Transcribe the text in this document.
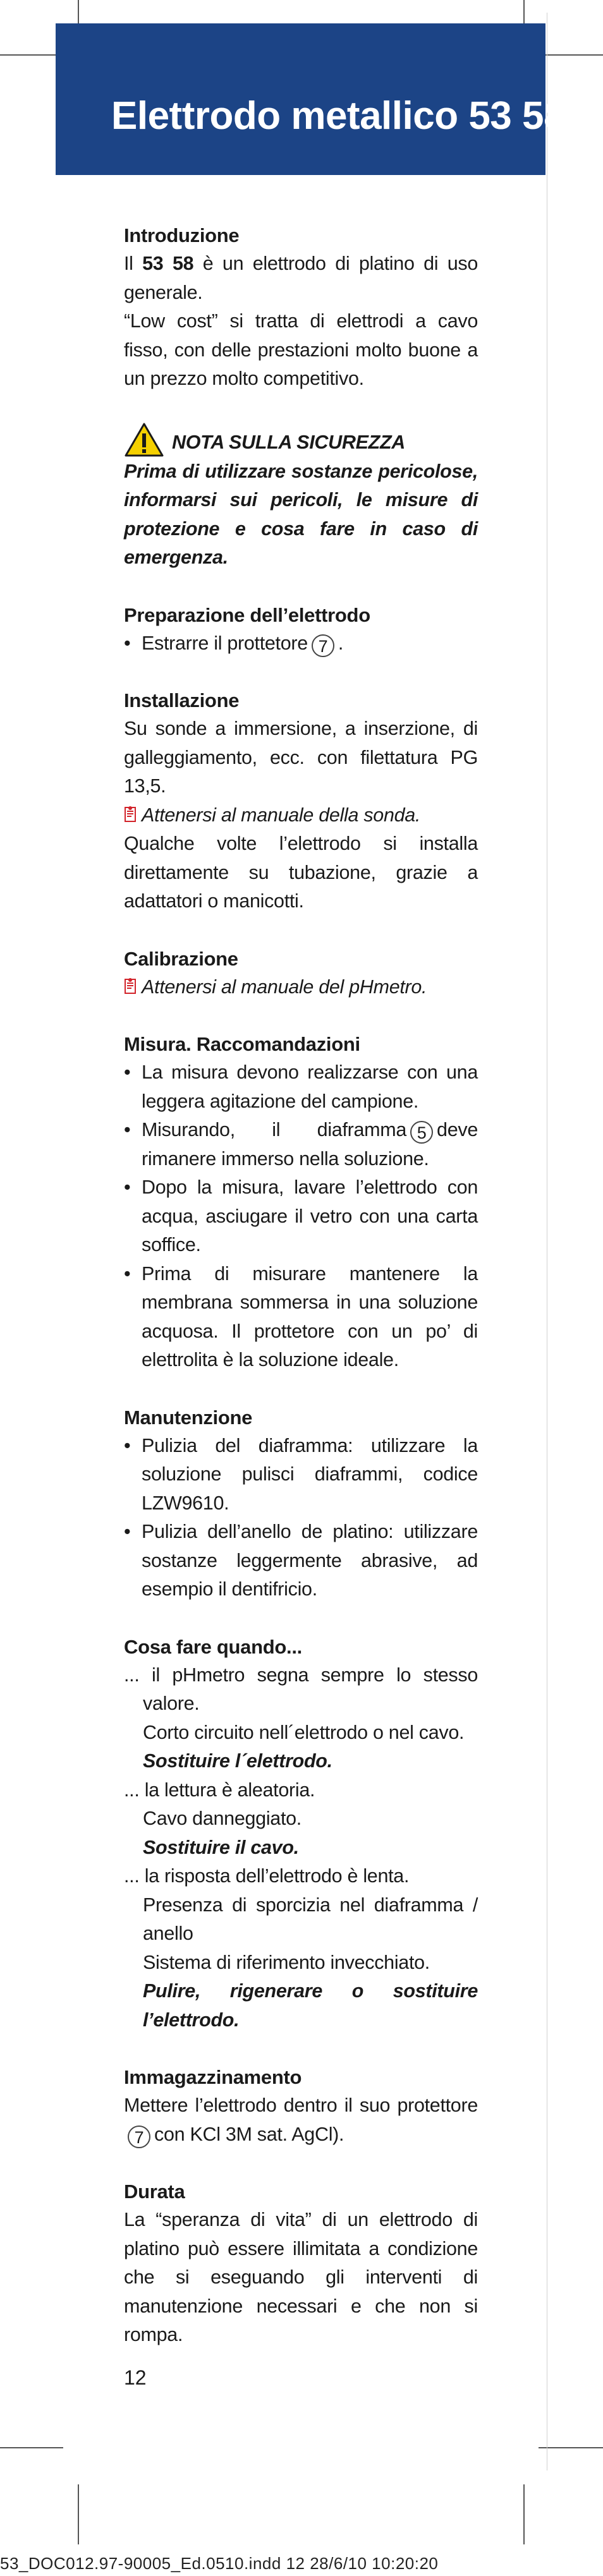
Elettrodo metallico 53 58
Introduzione
Il 53 58 è un elettrodo di platino di uso generale.
“Low cost” si tratta di elettrodi a cavo fisso, con delle prestazioni molto buone a un prezzo molto competitivo.
NOTA SULLA SICUREZZA
Prima di utilizzare sostanze pericolose, informarsi sui pericoli, le misure di protezione e cosa fare in caso di emergenza.
Preparazione dell’elettrodo
• Estrarre il prottetore 7 .
Installazione
Su sonde a immersione, a inserzione, di galleggiamento, ecc. con filettatura PG 13,5.
Attenersi al manuale della sonda.
Qualche volte l’elettrodo si installa direttamente su tubazione, grazie a adattatori o manicotti.
Calibrazione
Attenersi al manuale del pHmetro.
Misura. Raccomandazioni
• La misura devono realizzarse con una leggera agitazione del campione.
• Misurando, il diaframma 5 deve rimanere immerso nella soluzione.
• Dopo la misura, lavare l’elettrodo con acqua, asciugare il vetro con una carta soffice.
• Prima di misurare mantenere la membrana sommersa in una soluzione acquosa. Il prottetore con un po’ di elettrolita è la soluzione ideale.
Manutenzione
• Pulizia del diaframma: utilizzare la soluzione pulisci diaframmi, codice LZW9610.
• Pulizia dell’anello de platino: utilizzare sostanze leggermente abrasive, ad esempio il dentifricio.
Cosa fare quando...
... il pHmetro segna sempre lo stesso valore.
Corto circuito nell´elettrodo o nel cavo.
Sostituire l´elettrodo.
... la lettura è aleatoria.
Cavo danneggiato.
Sostituire il cavo.
... la risposta dell’elettrodo è lenta.
Presenza di sporcizia nel diaframma / anello
Sistema di riferimento invecchiato.
Pulire, rigenerare o sostituire l’elettrodo.
Immagazzinamento
Mettere l’elettrodo dentro il suo protettore7 con KCl 3M sat. AgCl).
Durata
La “speranza di vita” di un elettrodo di platino può essere illimitata a condizione che si eseguando gli interventi di manutenzione necessari e che non si rompa.
12
53_DOC012.97-90005_Ed.0510.indd 12 28/6/10 10:20:20
